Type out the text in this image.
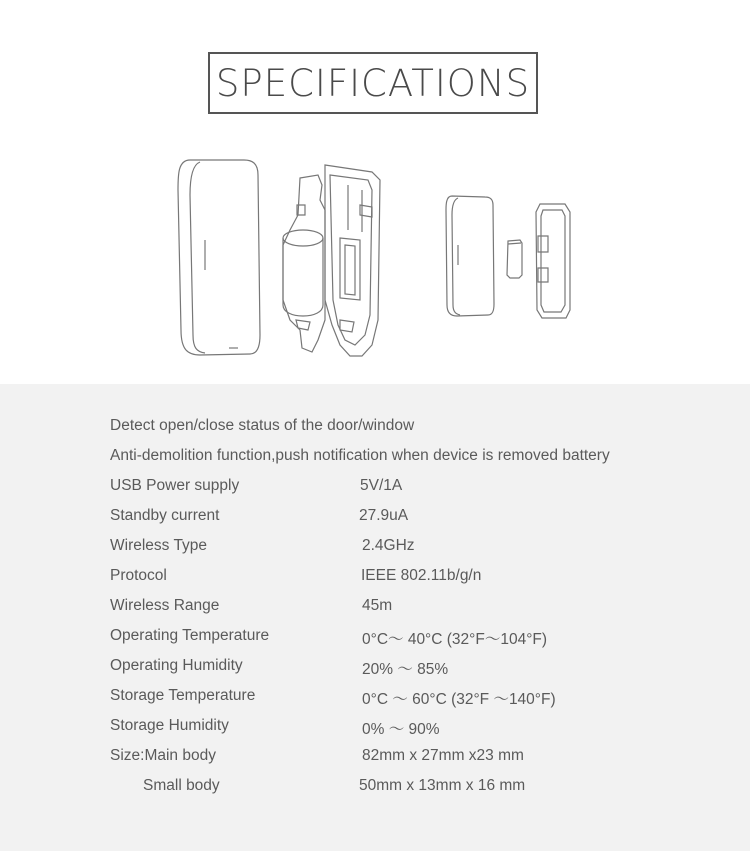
SPECIFICATIONS
Detect open/close status of the door/window
Anti-demolition function,push notification when device is removed battery
USB Power supply	5V/1A
Standby current	27.9uA
Wireless Type	2.4GHz
Protocol	IEEE 802.11b/g/n
Wireless Range	45m
Operating Temperature	0°C～ 40°C (32°F～104°F)
Operating Humidity	20% ～ 85%
Storage Temperature	0°C ～ 60°C (32°F ～140°F)
Storage Humidity	0% ～ 90%
Size:Main body	82mm x 27mm x23 mm
Small body	50mm x 13mm x 16 mm
